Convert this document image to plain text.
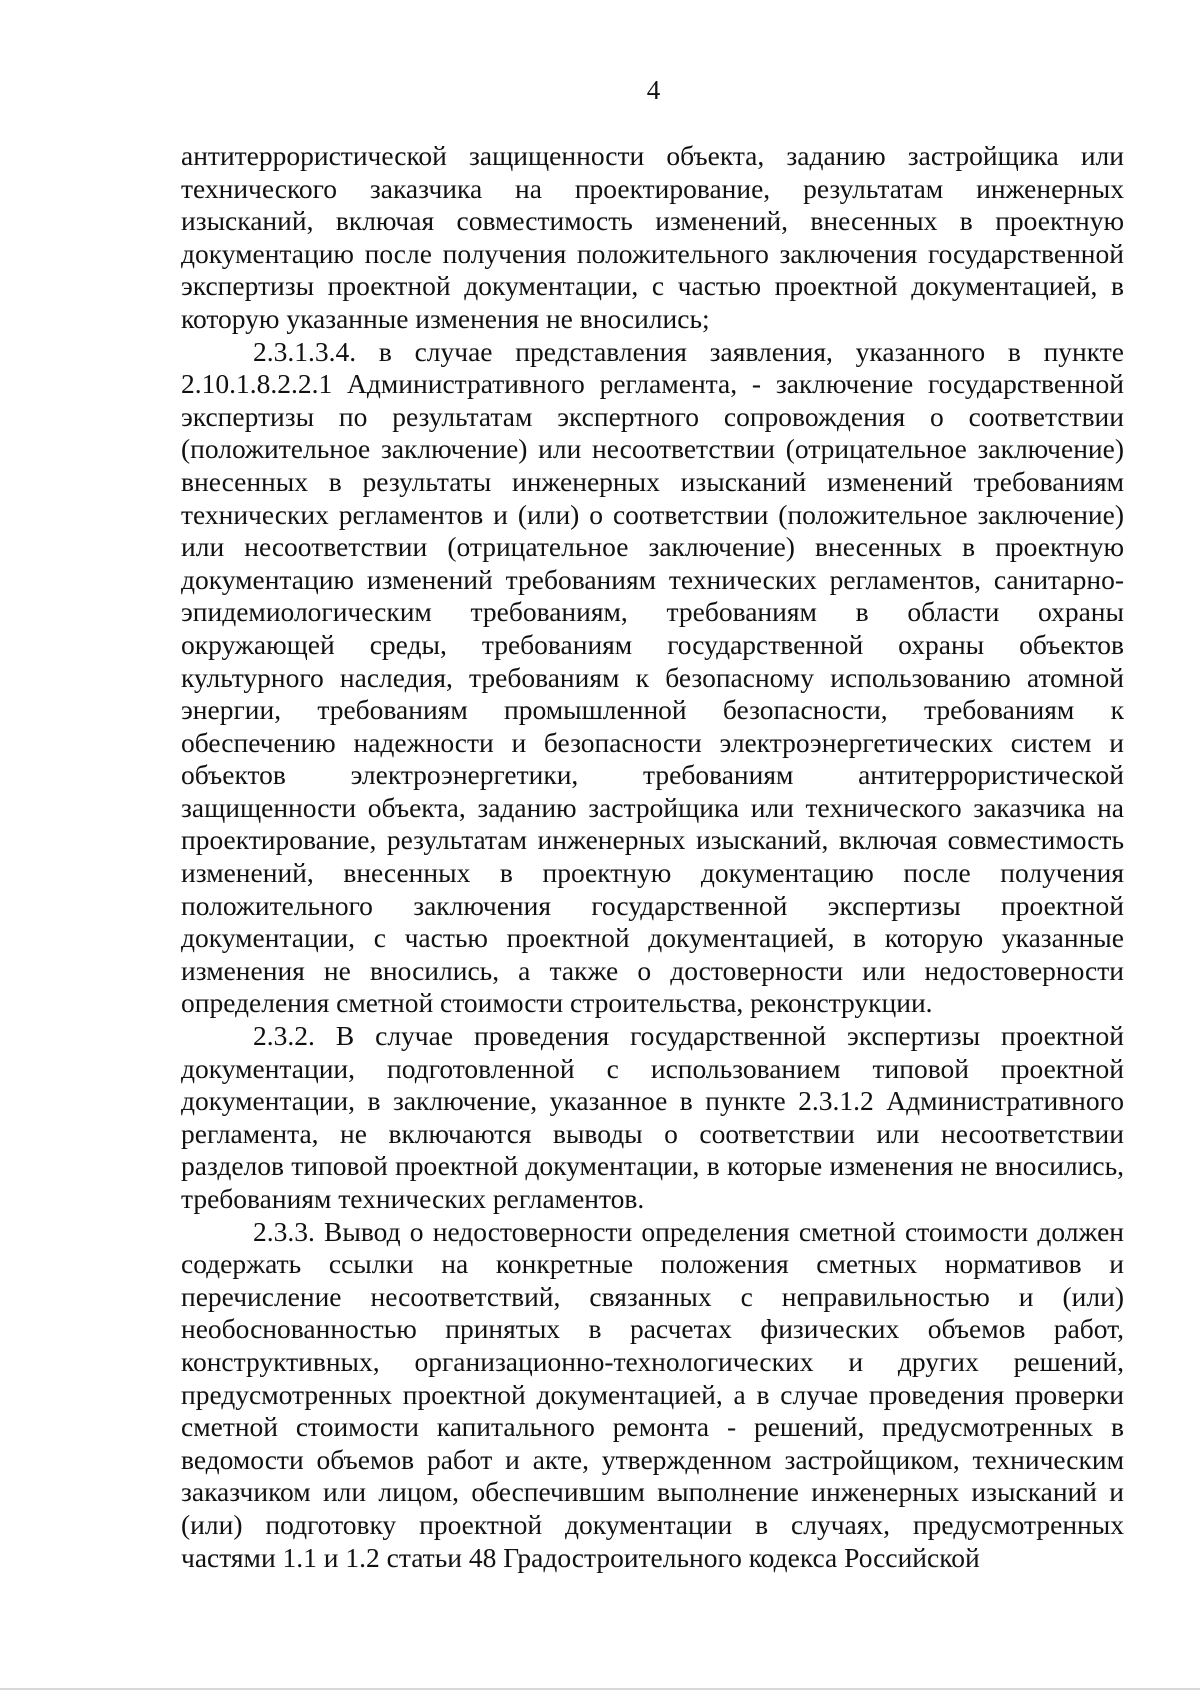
4

антитеррористической защищенности объекта, заданию застройщика или технического заказчика на проектирование, результатам инженерных изысканий, включая совместимость изменений, внесенных в проектную документацию после получения положительного заключения государственной экспертизы проектной документации, с частью проектной документацией, в которую указанные изменения не вносились;

2.3.1.3.4. в случае представления заявления, указанного в пункте 2.10.1.8.2.2.1 Административного регламента, - заключение государственной экспертизы по результатам экспертного сопровождения о соответствии (положительное заключение) или несоответствии (отрицательное заключение) внесенных в результаты инженерных изысканий изменений требованиям технических регламентов и (или) о соответствии (положительное заключение) или несоответствии (отрицательное заключение) внесенных в проектную документацию изменений требованиям технических регламентов, санитарно-эпидемиологическим требованиям, требованиям в области охраны окружающей среды, требованиям государственной охраны объектов культурного наследия, требованиям к безопасному использованию атомной энергии, требованиям промышленной безопасности, требованиям к обеспечению надежности и безопасности электроэнергетических систем и объектов электроэнергетики, требованиям антитеррористической защищенности объекта, заданию застройщика или технического заказчика на проектирование, результатам инженерных изысканий, включая совместимость изменений, внесенных в проектную документацию после получения положительного заключения государственной экспертизы проектной документации, с частью проектной документацией, в которую указанные изменения не вносились, а также о достоверности или недостоверности определения сметной стоимости строительства, реконструкции.

2.3.2. В случае проведения государственной экспертизы проектной документации, подготовленной с использованием типовой проектной документации, в заключение, указанное в пункте 2.3.1.2 Административного регламента, не включаются выводы о соответствии или несоответствии разделов типовой проектной документации, в которые изменения не вносились, требованиям технических регламентов.

2.3.3. Вывод о недостоверности определения сметной стоимости должен содержать ссылки на конкретные положения сметных нормативов и перечисление несоответствий, связанных с неправильностью и (или) необоснованностью принятых в расчетах физических объемов работ, конструктивных, организационно-технологических и других решений, предусмотренных проектной документацией, а в случае проведения проверки сметной стоимости капитального ремонта - решений, предусмотренных в ведомости объемов работ и акте, утвержденном застройщиком, техническим заказчиком или лицом, обеспечившим выполнение инженерных изысканий и (или) подготовку проектной документации в случаях, предусмотренных частями 1.1 и 1.2 статьи 48 Градостроительного кодекса Российской
